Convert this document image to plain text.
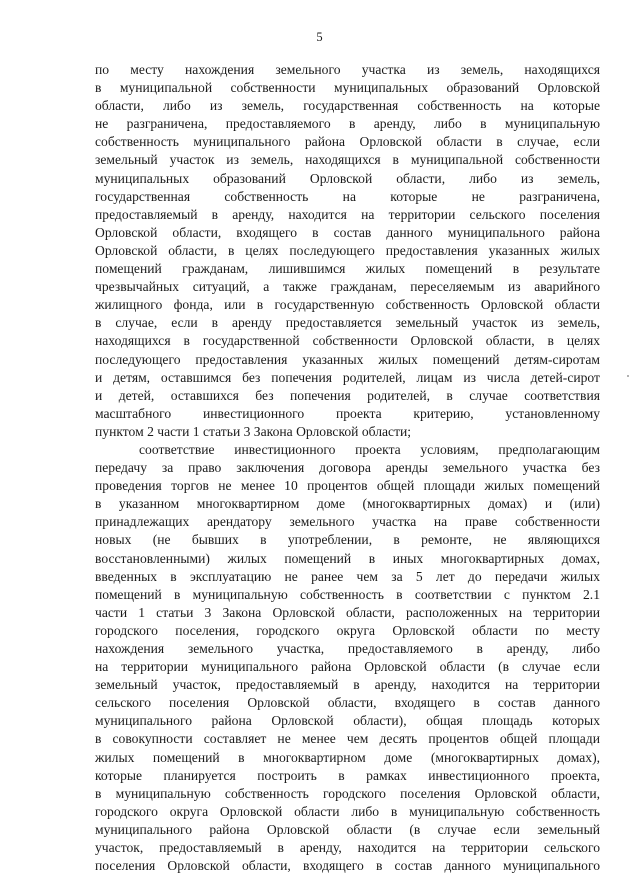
5
по месту нахождения земельного участка из земель, находящихся
в муниципальной собственности муниципальных образований Орловской
области, либо из земель, государственная собственность на которые
не разграничена, предоставляемого в аренду, либо в муниципальную
собственность муниципального района Орловской области в случае, если
земельный участок из земель, находящихся в муниципальной собственности
муниципальных образований Орловской области, либо из земель,
государственная собственность на которые не разграничена,
предоставляемый в аренду, находится на территории сельского поселения
Орловской области, входящего в состав данного муниципального района
Орловской области, в целях последующего предоставления указанных жилых
помещений гражданам, лишившимся жилых помещений в результате
чрезвычайных ситуаций, а также гражданам, переселяемым из аварийного
жилищного фонда, или в государственную собственность Орловской области
в случае, если в аренду предоставляется земельный участок из земель,
находящихся в государственной собственности Орловской области, в целях
последующего предоставления указанных жилых помещений детям-сиротам
и детям, оставшимся без попечения родителей, лицам из числа детей-сирот
и детей, оставшихся без попечения родителей, в случае соответствия
масштабного инвестиционного проекта критерию, установленному
пунктом 2 части 1 статьи 3 Закона Орловской области;
соответствие инвестиционного проекта условиям, предполагающим
передачу за право заключения договора аренды земельного участка без
проведения торгов не менее 10 процентов общей площади жилых помещений
в указанном многоквартирном доме (многоквартирных домах) и (или)
принадлежащих арендатору земельного участка на праве собственности
новых (не бывших в употреблении, в ремонте, не являющихся
восстановленными) жилых помещений в иных многоквартирных домах,
введенных в эксплуатацию не ранее чем за 5 лет до передачи жилых
помещений в муниципальную собственность в соответствии с пунктом 2.1
части 1 статьи 3 Закона Орловской области, расположенных на территории
городского поселения, городского округа Орловской области по месту
нахождения земельного участка, предоставляемого в аренду, либо
на территории муниципального района Орловской области (в случае если
земельный участок, предоставляемый в аренду, находится на территории
сельского поселения Орловской области, входящего в состав данного
муниципального района Орловской области), общая площадь которых
в совокупности составляет не менее чем десять процентов общей площади
жилых помещений в многоквартирном доме (многоквартирных домах),
которые планируется построить в рамках инвестиционного проекта,
в муниципальную собственность городского поселения Орловской области,
городского округа Орловской области либо в муниципальную собственность
муниципального района Орловской области (в случае если земельный
участок, предоставляемый в аренду, находится на территории сельского
поселения Орловской области, входящего в состав данного муниципального
